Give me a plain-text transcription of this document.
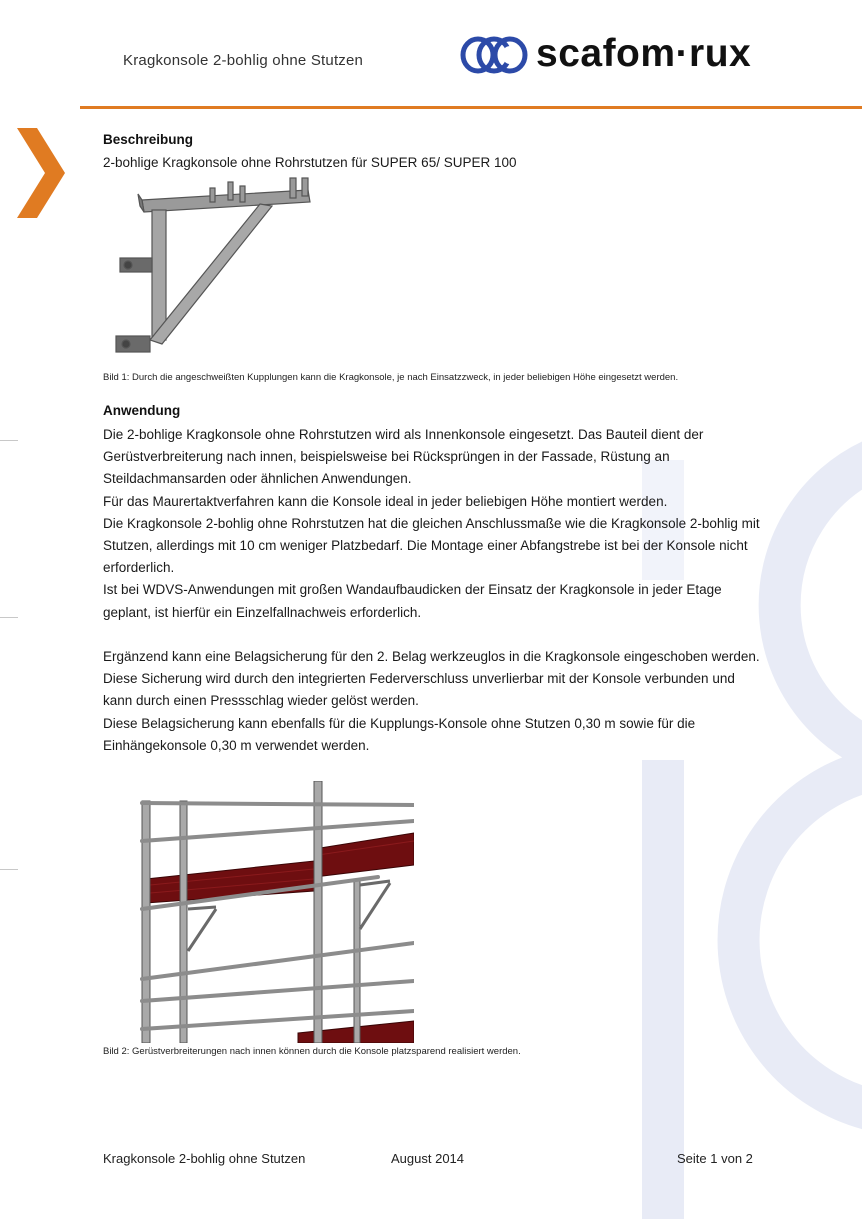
Kragkonsole 2-bohlig ohne Stutzen	scafom·rux
Beschreibung
2-bohlige Kragkonsole ohne Rohrstutzen für SUPER 65/ SUPER 100
Bild 1: Durch die angeschweißten Kupplungen kann die Kragkonsole, je nach Einsatzzweck, in jeder beliebigen Höhe eingesetzt werden.
Anwendung

Die 2-bohlige Kragkonsole ohne Rohrstutzen wird als Innenkonsole eingesetzt. Das Bauteil dient der Gerüstverbreiterung nach innen, beispielsweise bei Rücksprüngen in der Fassade, Rüstung an Steildachmansarden oder ähnlichen Anwendungen.

Für das Maurertaktverfahren kann die Konsole ideal in jeder beliebigen Höhe montiert werden.

Die Kragkonsole 2-bohlig ohne Rohrstutzen hat die gleichen Anschlussmaße wie die Kragkonsole 2-bohlig mit Stutzen, allerdings mit 10 cm weniger Platzbedarf. Die Montage einer Abfangstrebe ist bei der Konsole nicht erforderlich.

Ist bei WDVS-Anwendungen mit großen Wandaufbaudicken der Einsatz der Kragkonsole in jeder Etage geplant, ist hierfür ein Einzelfallnachweis erforderlich.

Ergänzend kann eine Belagsicherung für den 2. Belag werkzeuglos in die Kragkonsole eingeschoben werden. Diese Sicherung wird durch den integrierten Federverschluss unverlierbar mit der Konsole verbunden und kann durch einen Pressschlag wieder gelöst werden.

Diese Belagsicherung kann ebenfalls für die Kupplungs-Konsole ohne Stutzen 0,30 m sowie für die Einhängekonsole 0,30 m verwendet werden.

Bild 2: Gerüstverbreiterungen nach innen können durch die Konsole platzsparend realisiert werden.
Kragkonsole 2-bohlig ohne Stutzen	August 2014	Seite 1 von 2
